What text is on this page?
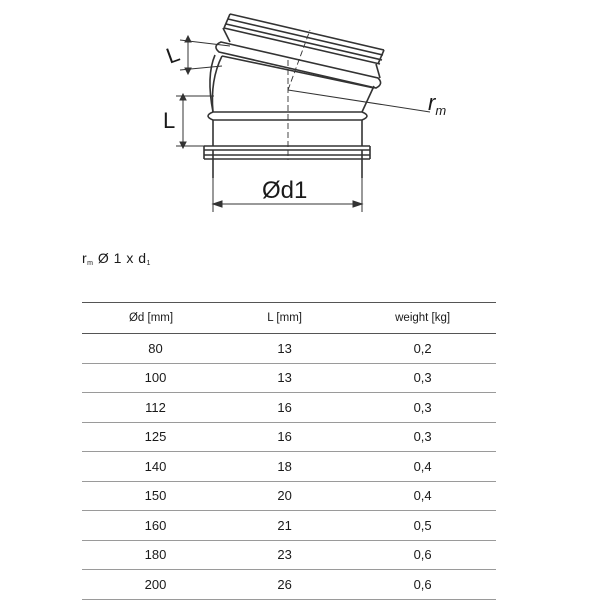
L
L
$r_m$
Ød1
$r_m$ Ø 1 x $d_1$
Ød [mm]	L [mm]	weight [kg]
80	13	0,2
100	13	0,3
112	16	0,3
125	16	0,3
140	18	0,4
150	20	0,4
160	21	0,5
180	23	0,6
200	26	0,6
